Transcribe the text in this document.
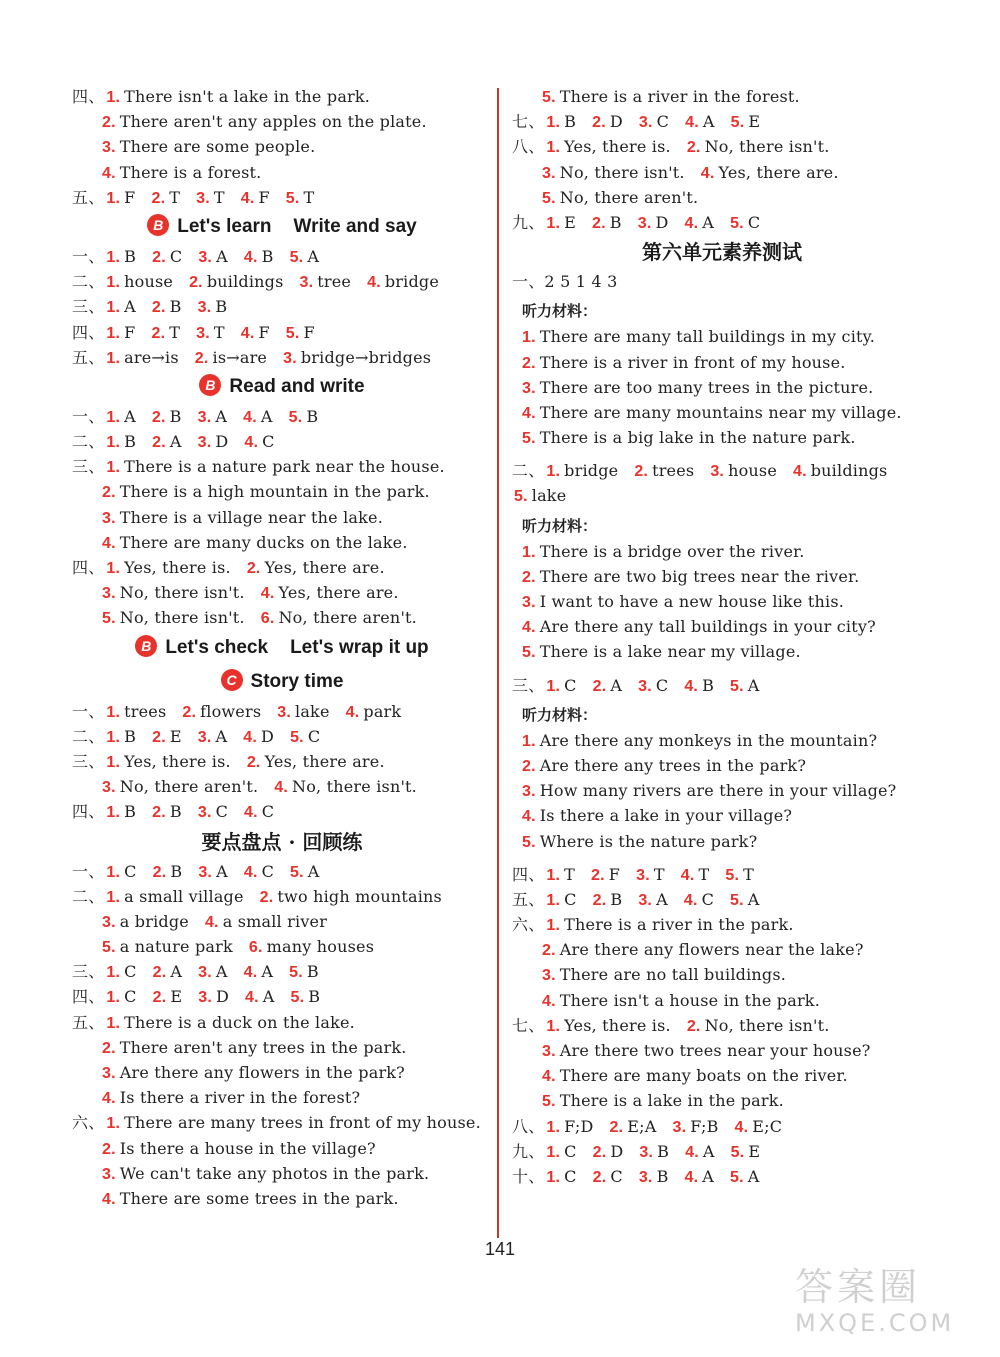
四、 1. There isn't a lake in the park.
2. There aren't any apples on the plate.
3. There are some people.
4. There is a forest.
五、 1. F 2. T 3. T 4. F 5. T
B Let's learn Write and say
一、 1. B 2. C 3. A 4. B 5. A
二、 1. house 2. buildings 3. tree 4. bridge
三、 1. A 2. B 3. B
四、 1. F 2. T 3. T 4. F 5. F
五、 1. are→is 2. is→are 3. bridge→bridges
B Read and write
一、 1. A 2. B 3. A 4. A 5. B
二、 1. B 2. A 3. D 4. C
三、 1. There is a nature park near the house.
2. There is a high mountain in the park.
3. There is a village near the lake.
4. There are many ducks on the lake.
四、 1. Yes, there is. 2. Yes, there are.
3. No, there isn't. 4. Yes, there are.
5. No, there isn't. 6. No, there aren't.
B Let's check Let's wrap it up
C Story time
一、 1. trees 2. flowers 3. lake 4. park
二、 1. B 2. E 3. A 4. D 5. C
三、 1. Yes, there is. 2. Yes, there are.
3. No, there aren't. 4. No, there isn't.
四、 1. B 2. B 3. C 4. C
要点盘点 · 回顾练
一、 1. C 2. B 3. A 4. C 5. A
二、 1. a small village 2. two high mountains
3. a bridge 4. a small river
5. a nature park 6. many houses
三、 1. C 2. A 3. A 4. A 5. B
四、 1. C 2. E 3. D 4. A 5. B
五、 1. There is a duck on the lake.
2. There aren't any trees in the park.
3. Are there any flowers in the park?
4. Is there a river in the forest?
六、 1. There are many trees in front of my house.
2. Is there a house in the village?
3. We can't take any photos in the park.
4. There are some trees in the park.
5. There is a river in the forest.
七、 1. B 2. D 3. C 4. A 5. E
八、 1. Yes, there is. 2. No, there isn't.
3. No, there isn't. 4. Yes, there are.
5. No, there aren't.
九、 1. E 2. B 3. D 4. A 5. C
第六单元素养测试
一、2 5 1 4 3
听力材料：
1. There are many tall buildings in my city.
2. There is a river in front of my house.
3. There are too many trees in the picture.
4. There are many mountains near my village.
5. There is a big lake in the nature park.
二、 1. bridge 2. trees 3. house 4. buildings
5. lake
听力材料：
1. There is a bridge over the river.
2. There are two big trees near the river.
3. I want to have a new house like this.
4. Are there any tall buildings in your city?
5. There is a lake near my village.
三、 1. C 2. A 3. C 4. B 5. A
听力材料：
1. Are there any monkeys in the mountain?
2. Are there any trees in the park?
3. How many rivers are there in your village?
4. Is there a lake in your village?
5. Where is the nature park?
四、 1. T 2. F 3. T 4. T 5. T
五、 1. C 2. B 3. A 4. C 5. A
六、 1. There is a river in the park.
2. Are there any flowers near the lake?
3. There are no tall buildings.
4. There isn't a house in the park.
七、 1. Yes, there is. 2. No, there isn't.
3. Are there two trees near your house?
4. There are many boats on the river.
5. There is a lake in the park.
八、 1. F;D 2. E;A 3. F;B 4. E;C
九、 1. C 2. D 3. B 4. A 5. E
十、 1. C 2. C 3. B 4. A 5. A
141
答案圈
MXQE.COM
